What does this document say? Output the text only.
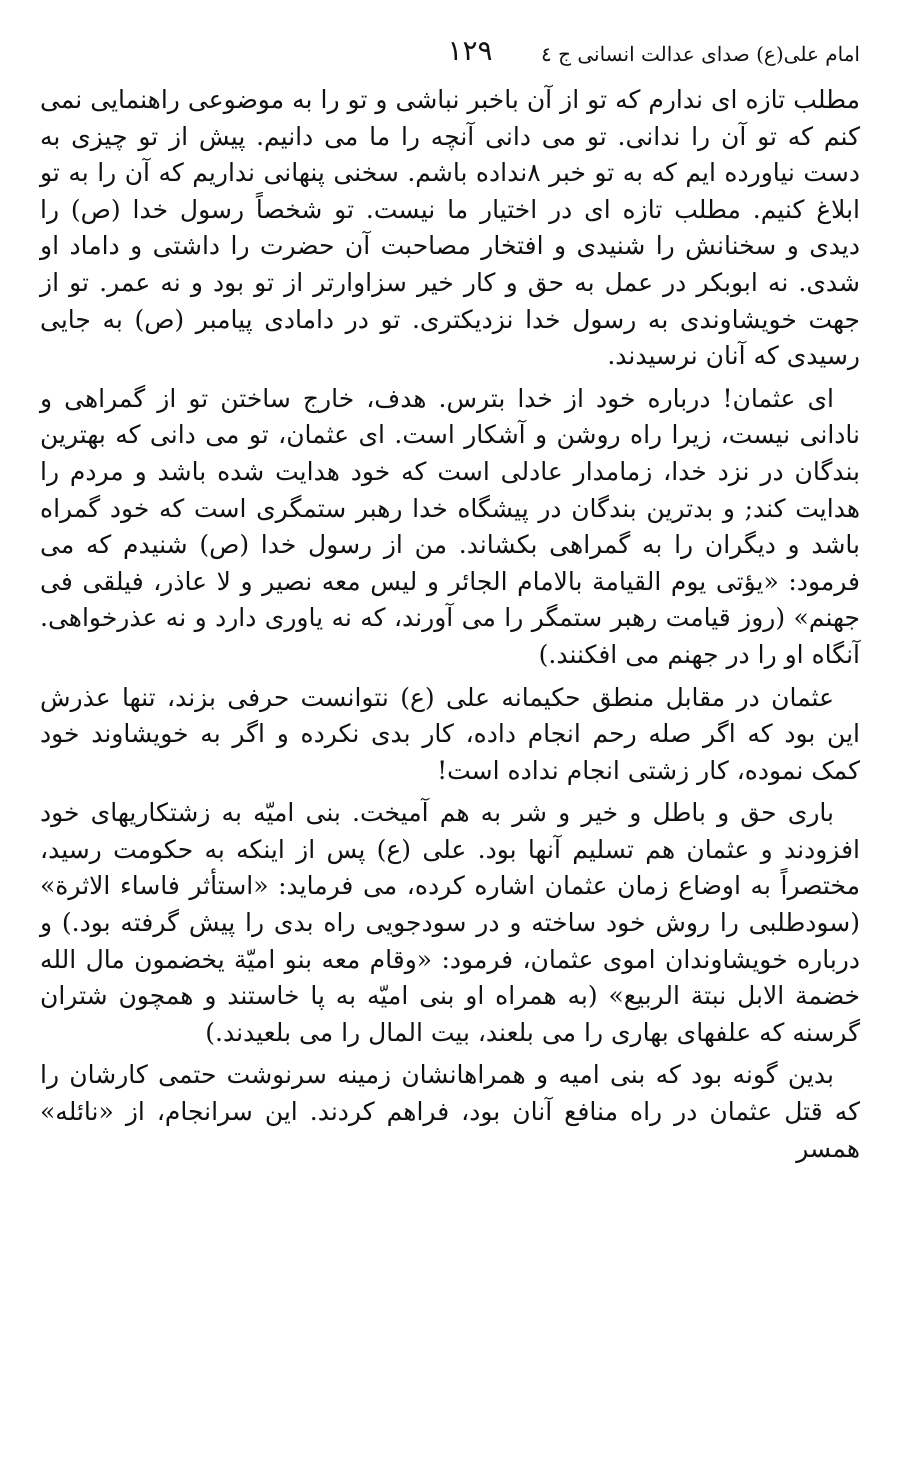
امام علی(ع) صدای عدالت انسانی ج ٤
١٢٩

مطلب تازه ای ندارم که تو از آن باخبر نباشی و تو را به موضوعی راهنمایی نمی کنم که تو آن را ندانی. تو می دانی آنچه را ما می دانیم. پیش از تو چیزی به دست نیاورده ایم که به تو خبر ٨نداده باشم. سخنی پنهانی نداریم که آن را به تو ابلاغ کنیم. مطلب تازه ای در اختیار ما نیست. تو شخصاً رسول خدا (ص) را دیدی و سخنانش را شنیدی و افتخار مصاحبت آن حضرت را داشتی و داماد او شدی. نه ابوبکر در عمل به حق و کار خیر سزاوارتر از تو بود و نه عمر. تو از جهت خویشاوندی به رسول خدا نزدیکتری. تو در دامادی پیامبر (ص) به جایی رسیدی که آنان نرسیدند.

ای عثمان! درباره خود از خدا بترس. هدف، خارج ساختن تو از گمراهی و نادانی نیست، زیرا راه روشن و آشکار است. ای عثمان، تو می دانی که بهترین بندگان در نزد خدا، زمامدار عادلی است که خود هدایت شده باشد و مردم را هدایت کند; و بدترین بندگان در پیشگاه خدا رهبر ستمگری است که خود گمراه باشد و دیگران را به گمراهی بکشاند. من از رسول خدا (ص) شنیدم که می فرمود: «يؤتى يوم القيامة بالامام الجائر و ليس معه نصير و لا عاذر، فيلقى فى جهنم» (روز قیامت رهبر ستمگر را می آورند، که نه یاوری دارد و نه عذرخواهی. آنگاه او را در جهنم می افکنند.)

عثمان در مقابل منطق حکیمانه علی (ع) نتوانست حرفی بزند، تنها عذرش این بود که اگر صله رحم انجام داده، کار بدی نکرده و اگر به خویشاوند خود کمک نموده، کار زشتی انجام نداده است!

باری حق و باطل و خیر و شر به هم آمیخت. بنی امیّه به زشتکاریهای خود افزودند و عثمان هم تسلیم آنها بود. علی (ع) پس از اینکه به حکومت رسید، مختصراً به اوضاع زمان عثمان اشاره کرده، می فرماید: «استأثر فاساء الاثرة» (سودطلبی را روش خود ساخته و در سودجویی راه بدی را پیش گرفته بود.) و درباره خویشاوندان اموی عثمان، فرمود: «وقام معه بنو اميّة يخضمون مال الله خضمة الابل نبتة الربيع» (به همراه او بنی امیّه به پا خاستند و همچون شتران گرسنه که علفهای بهاری را می بلعند، بیت المال را می بلعیدند.)

بدین گونه بود که بنی امیه و همراهانشان زمینه سرنوشت حتمی کارشان را که قتل عثمان در راه منافع آنان بود، فراهم کردند. این سرانجام، از «نائله» همسر
